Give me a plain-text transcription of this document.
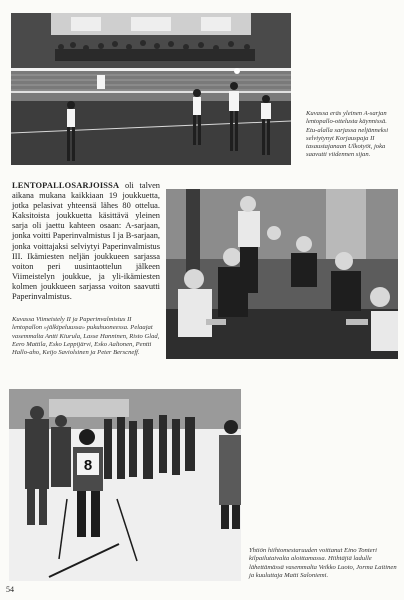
Kuvassa eräs yleinen A-sarjan lentopallo-ottelusta käynnissä. Etu-alalla sarjassa neljänneksi selviytynyt Korjauspaja II tasaustajanaan Ulkotyöt, joka saavutti viidennen sijan.

LENTOPALLOSARJOISSA oli talven aikana mukana kaikkiaan 19 joukkuetta, jotka pelasivat yhteensä lähes 80 ottelua. Kaksitoista joukkuetta käsittävä yleinen sarja oli jaettu kahteen osaan: A-sarjaan, jonka voitti Paperinvalmistus I ja B-sarjaan, jonka voittajaksi selviytyi Paperinvalmistus III. Ikämiesten neljän joukkueen sarjassa voiton peri uusintaottelun jälkeen Viimeistelyn joukkue, ja yli-ikämiesten kolmen joukkueen sarjassa voiton saavutti Paperinvalmistus.

Kuvassa Viimeistely II ja Paperinvalmistus II lentopallon »jälkipeluussa» pukuhuoneessa. Pelaajat vasemmalta Antti Kiurula, Lasse Hanninen, Risto Glad, Eero Mattila, Esko Leppijärvi, Esko Aaltonen, Pentti Hallo-aho, Keijo Saviolsinen ja Peter Berscneff.

8

Yhtiön hiihtomestaruuden voittanut Eino Tonteri kilpailutaivalta aloittamassa. Hiihtäjiä ladulle lähettämässä vasemmalta Veikko Luoto, Jorma Laitinen ja kuuluttaja Matti Saloniemi.

54
